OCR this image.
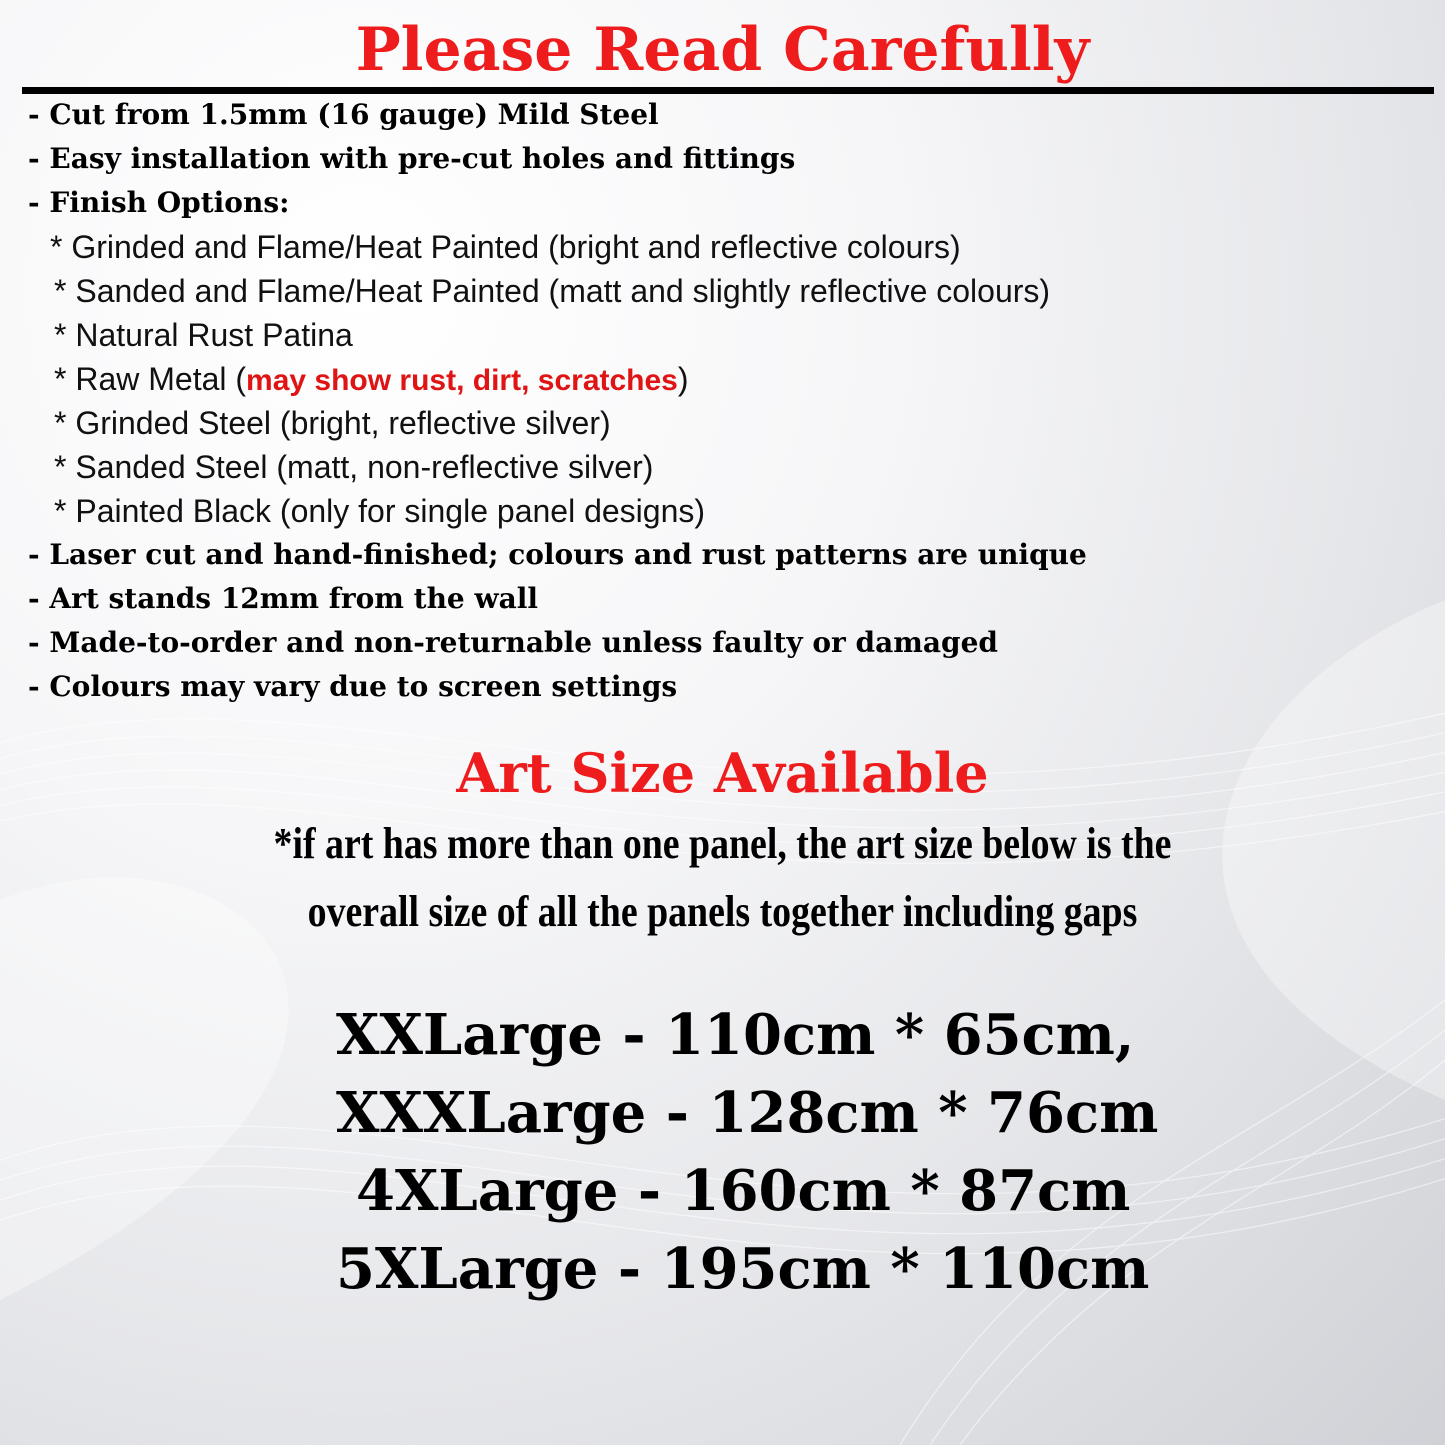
Please Read Carefully
- Cut from 1.5mm (16 gauge) Mild Steel
- Easy installation with pre-cut holes and fittings
- Finish Options:
* Grinded and Flame/Heat Painted (bright and reflective colours)
* Sanded and Flame/Heat Painted (matt and slightly reflective colours)
* Natural Rust Patina
* Raw Metal (may show rust, dirt, scratches)
* Grinded Steel (bright, reflective silver)
* Sanded Steel (matt, non-reflective silver)
* Painted Black (only for single panel designs)
- Laser cut and hand-finished; colours and rust patterns are unique
- Art stands 12mm from the wall
- Made-to-order and non-returnable unless faulty or damaged
- Colours may vary due to screen settings
Art Size Available
*if art has more than one panel, the art size below is the
overall size of all the panels together including gaps
XXLarge - 110cm * 65cm,
XXXLarge - 128cm * 76cm
4XLarge - 160cm * 87cm
5XLarge - 195cm * 110cm
